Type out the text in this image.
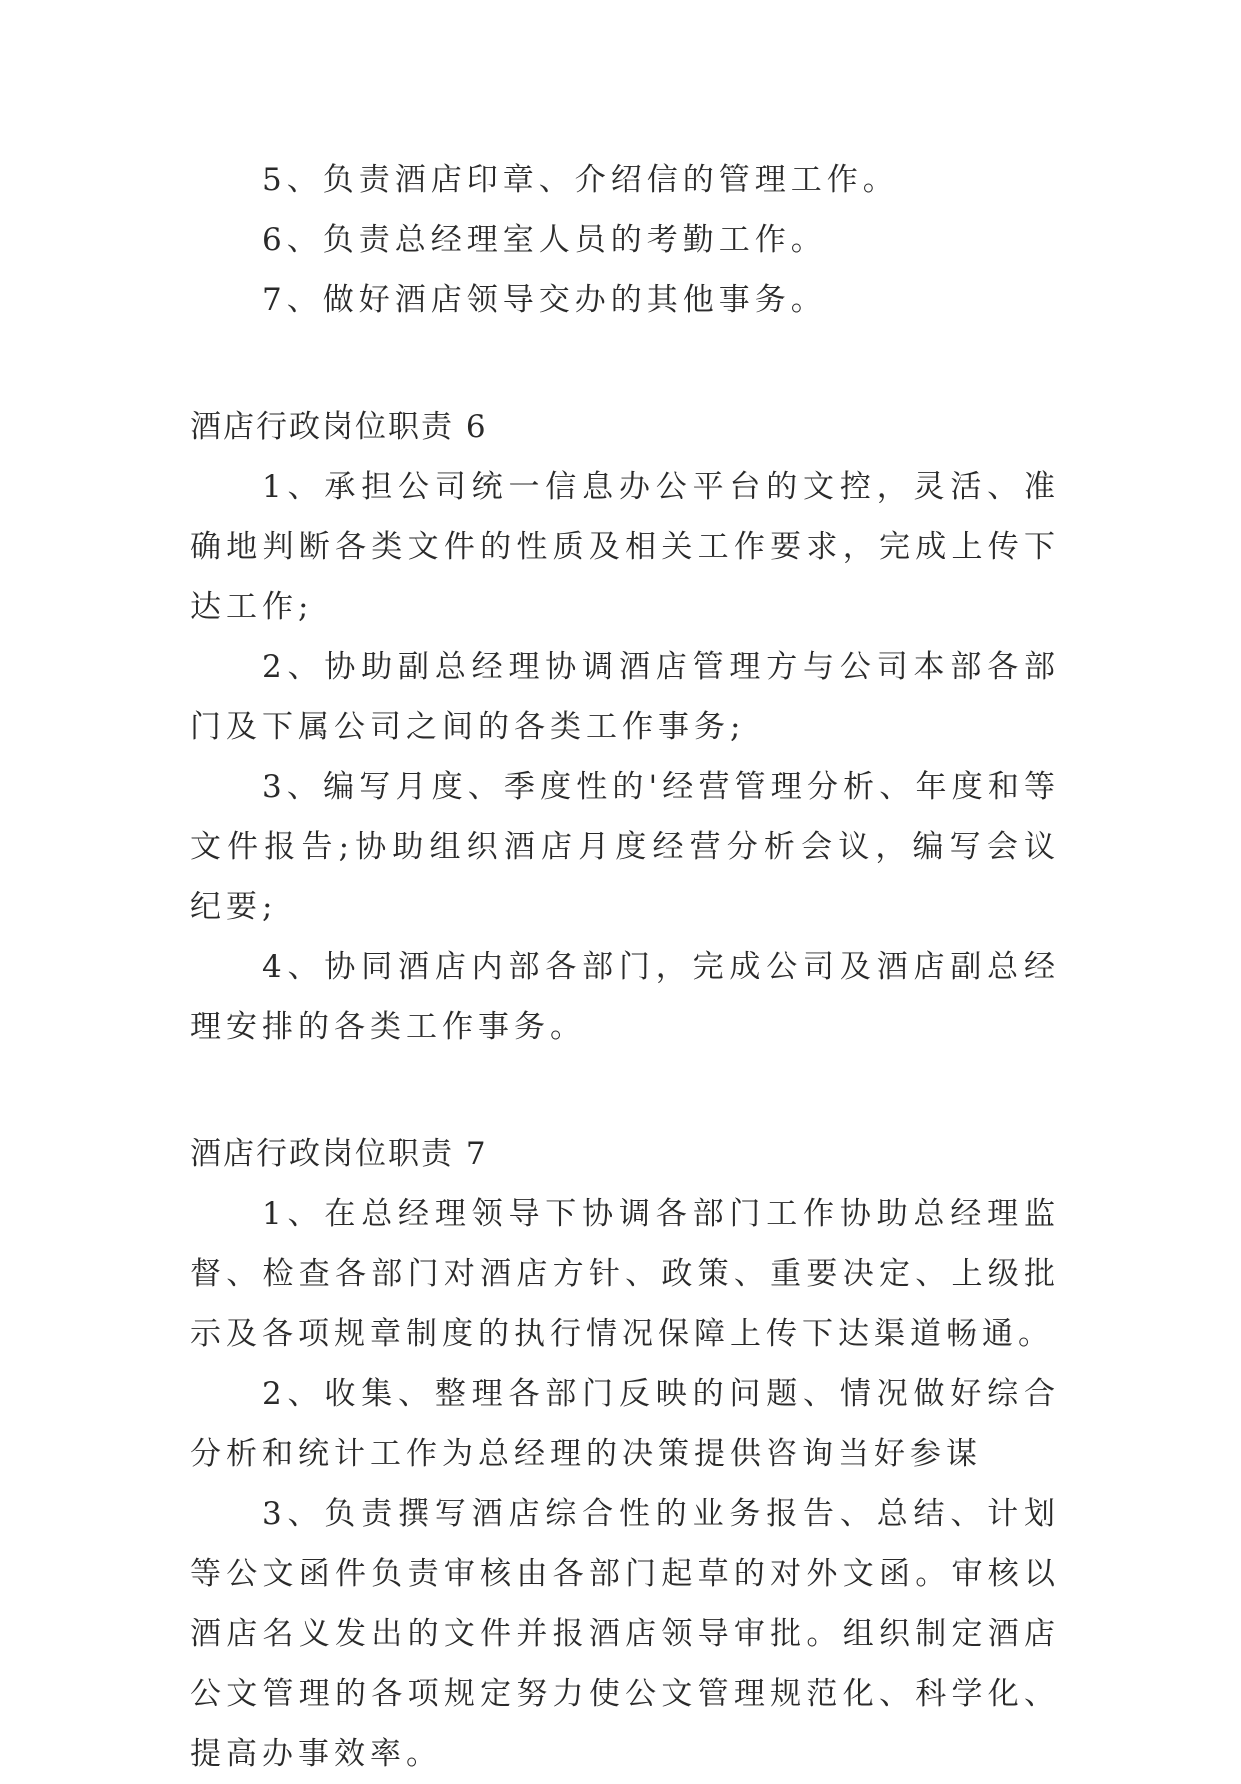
5、负责酒店印章、介绍信的管理工作。

6、负责总经理室人员的考勤工作。

7、做好酒店领导交办的其他事务。

酒店行政岗位职责 6

1、承担公司统一信息办公平台的文控，灵活、准确地判断各类文件的性质及相关工作要求，完成上传下达工作;

2、协助副总经理协调酒店管理方与公司本部各部门及下属公司之间的各类工作事务;

3、编写月度、季度性的'经营管理分析、年度和等文件报告;协助组织酒店月度经营分析会议，编写会议纪要;

4、协同酒店内部各部门，完成公司及酒店副总经理安排的各类工作事务。

酒店行政岗位职责 7

1、在总经理领导下协调各部门工作协助总经理监督、检查各部门对酒店方针、政策、重要决定、上级批示及各项规章制度的执行情况保障上传下达渠道畅通。

2、收集、整理各部门反映的问题、情况做好综合分析和统计工作为总经理的决策提供咨询当好参谋

3、负责撰写酒店综合性的业务报告、总结、计划等公文函件负责审核由各部门起草的对外文函。审核以酒店名义发出的文件并报酒店领导审批。组织制定酒店公文管理的各项规定努力使公文管理规范化、科学化、提高办事效率。
